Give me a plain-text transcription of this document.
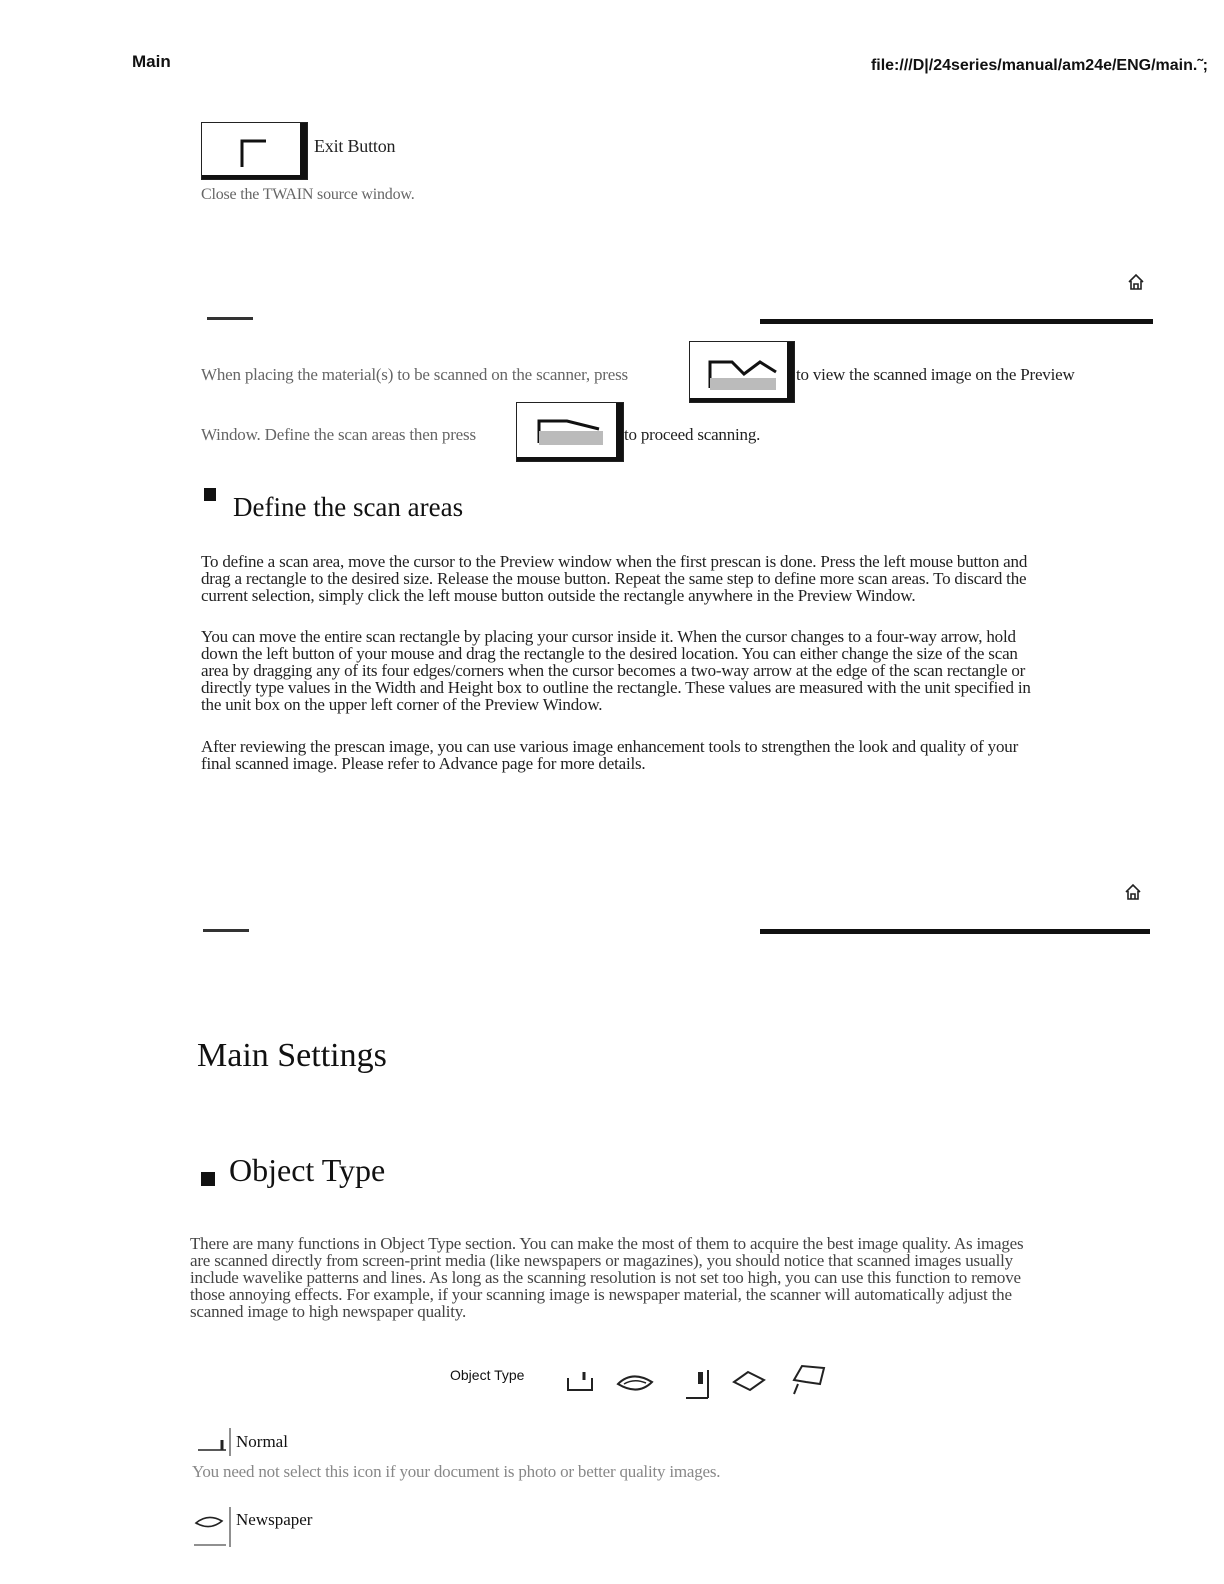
Main	file:///D|/24series/manual/am24e/ENG/main.˜;
Exit Button
Close the TWAIN source window.
When placing the material(s) to be scanned on the scanner, press	to view the scanned image on the Preview
Window. Define the scan areas then press	to proceed scanning.
Define the scan areas
To define a scan area, move the cursor to the Preview window when the first prescan is done. Press the left mouse button and
drag a rectangle to the desired size. Release the mouse button. Repeat the same step to define more scan areas. To discard the
current selection, simply click the left mouse button outside the rectangle anywhere in the Preview Window.
You can move the entire scan rectangle by placing your cursor inside it. When the cursor changes to a four-way arrow, hold
down the left button of your mouse and drag the rectangle to the desired location. You can either change the size of the scan
area by dragging any of its four edges/corners when the cursor becomes a two-way arrow at the edge of the scan rectangle or
directly type values in the Width and Height box to outline the rectangle. These values are measured with the unit specified in
the unit box on the upper left corner of the Preview Window.
After reviewing the prescan image, you can use various image enhancement tools to strengthen the look and quality of your
final scanned image. Please refer to Advance page for more details.
Main Settings
Object Type
There are many functions in Object Type section. You can make the most of them to acquire the best image quality. As images
are scanned directly from screen-print media (like newspapers or magazines), you should notice that scanned images usually
include wavelike patterns and lines. As long as the scanning resolution is not set too high, you can use this function to remove
those annoying effects. For example, if your scanning image is newspaper material, the scanner will automatically adjust the
scanned image to high newspaper quality.
Object Type
Normal
You need not select this icon if your document is photo or better quality images.
Newspaper
